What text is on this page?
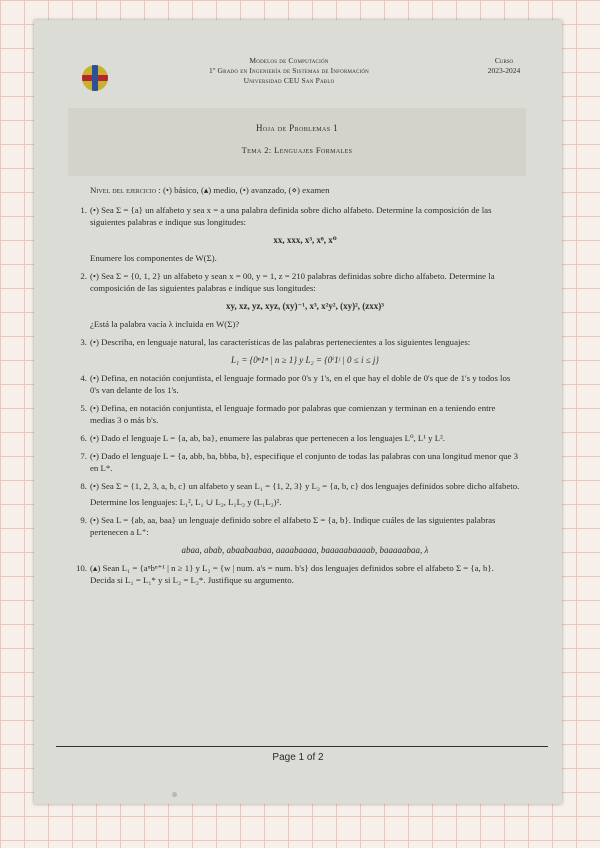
Modelos de Computación
1º Grado en Ingeniería de Sistemas de Información
Universidad CEU San Pablo
Curso
2023-2024
Hoja de Problemas 1
Tema 2: Lenguajes Formales
Nivel del ejercicio : (•) básico, (▴) medio, (•) avanzado, (⋄) examen
1. (•) Sea Σ = {a} un alfabeto y sea x = a una palabra definida sobre dicho alfabeto. Determine la composición de las siguientes palabras e indique sus longitudes:
xx, xxx, x³, x⁸, x⁰
Enumere los componentes de W(Σ).
2. (•) Sea Σ = {0, 1, 2} un alfabeto y sean x = 00, y = 1, z = 210 palabras definidas sobre dicho alfabeto. Determine la composición de las siguientes palabras e indique sus longitudes:
xy, xz, yz, xyz, (xy)⁻¹, x³, x²y², (xy)², (zxx)³
¿Está la palabra vacía λ incluida en W(Σ)?
3. (•) Describa, en lenguaje natural, las características de las palabras pertenecientes a los siguientes lenguajes:
L₁ = {0ⁿ1ⁿ | n ≥ 1} y L₂ = {0ⁱ1ʲ | 0 ≤ i ≤ j}
4. (•) Defina, en notación conjuntista, el lenguaje formado por 0's y 1's, en el que hay el doble de 0's que de 1's y todos los 0's van delante de los 1's.
5. (•) Defina, en notación conjuntista, el lenguaje formado por palabras que comienzan y terminan en a teniendo entre medias 3 o más b's.
6. (•) Dado el lenguaje L = {a, ab, ba}, enumere las palabras que pertenecen a los lenguajes L⁰, L¹ y L².
7. (•) Dado el lenguaje L = {a, abb, ba, bbba, b}, especifique el conjunto de todas las palabras con una longitud menor que 3 en L*.
8. (•) Sea Σ = {1, 2, 3, a, b, c} un alfabeto y sean L₁ = {1, 2, 3} y L₂ = {a, b, c} dos lenguajes definidos sobre dicho alfabeto.
Determine los lenguajes: L₁², L₁ ∪ L₂, L₁L₂ y (L₁L₂)².
9. (•) Sea L = {ab, aa, baa} un lenguaje definido sobre el alfabeto Σ = {a, b}. Indique cuáles de las siguientes palabras pertenecen a L⁺:
abaa, abab, abaabaabaa, aaaabaaaa, baaaaabaaaab, baaaaabaa, λ
10. (▴) Sean L₁ = {aⁿbⁿ⁺¹ | n ≥ 1} y L₂ = {w | num. a's = num. b's} dos lenguajes definidos sobre el alfabeto Σ = {a, b}. Decida si L₁ = L₁* y si L₂ = L₂*. Justifique su argumento.
Page 1 of 2
